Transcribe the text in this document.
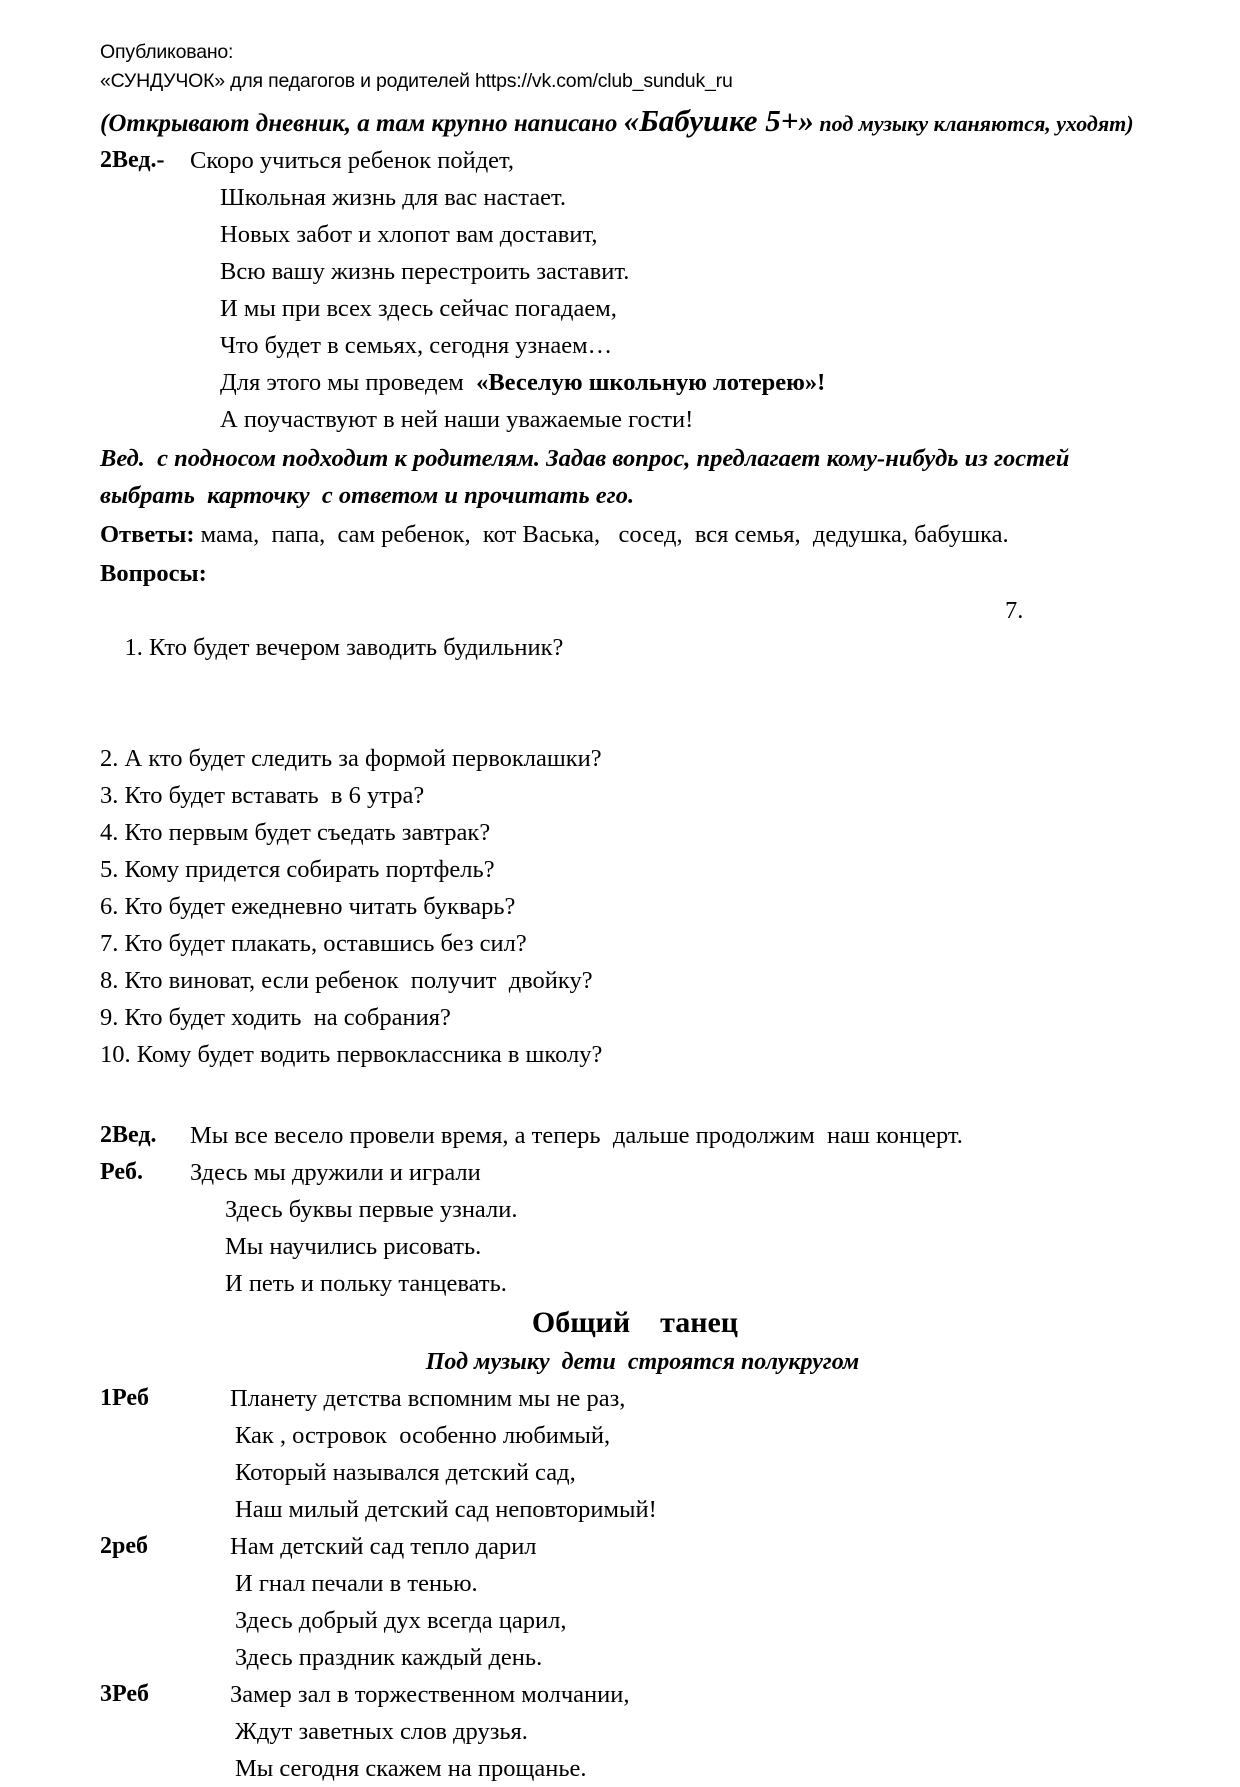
Опубликовано:
«СУНДУЧОК» для педагогов и родителей https://vk.com/club_sunduk_ru

(Открывают дневник, а там крупно написано «Бабушке 5+» под музыку кланяются, уходят)

2Вед.-	Скоро учиться ребенок пойдет,
Школьная жизнь для вас настает.
Новых забот и хлопот вам доставит,
Всю вашу жизнь перестроить заставит.
И мы при всех здесь сейчас погадаем,
Что будет в семьях, сегодня узнаем…
Для этого мы проведем  «Веселую школьную лотерею»!
А поучаствуют в ней наши уважаемые гости!
Вед.  с подносом подходит к родителям. Задав вопрос, предлагает кому-нибудь из гостей выбрать  карточку  с ответом и прочитать его.
Ответы: мама,  папа,  сам ребенок,  кот Васька,   сосед,  вся семья,  дедушка, бабушка.
Вопросы:

1. Кто будет вечером заводить будильник?

7.

2. А кто будет следить за формой первоклашки?
3. Кто будет вставать  в 6 утра?
4. Кто первым будет съедать завтрак?
5. Кому придется собирать портфель?
6. Кто будет ежедневно читать букварь?
7. Кто будет плакать, оставшись без сил?
8. Кто виноват, если ребенок  получит  двойку?
9. Кто будет ходить  на собрания?
10. Кому будет водить первоклассника в школу?
2Вед.	Мы все весело провели время, а теперь  дальше продолжим  наш концерт.
Реб.	Здесь мы дружили и играли
Здесь буквы первые узнали.
Мы научились рисовать.
И петь и польку танцевать.
Общий    танец
Под музыку  дети  строятся полукругом
1Реб	Планету детства вспомним мы не раз,
Как , островок  особенно любимый,
Который назывался детский сад,
Наш милый детский сад неповторимый!
2реб	Нам детский сад тепло дарил
И гнал печали в тенью.
Здесь добрый дух всегда царил,
Здесь праздник каждый день.
3Реб	Замер зал в торжественном молчании,
Ждут заветных слов друзья.
Мы сегодня скажем на прощанье.
